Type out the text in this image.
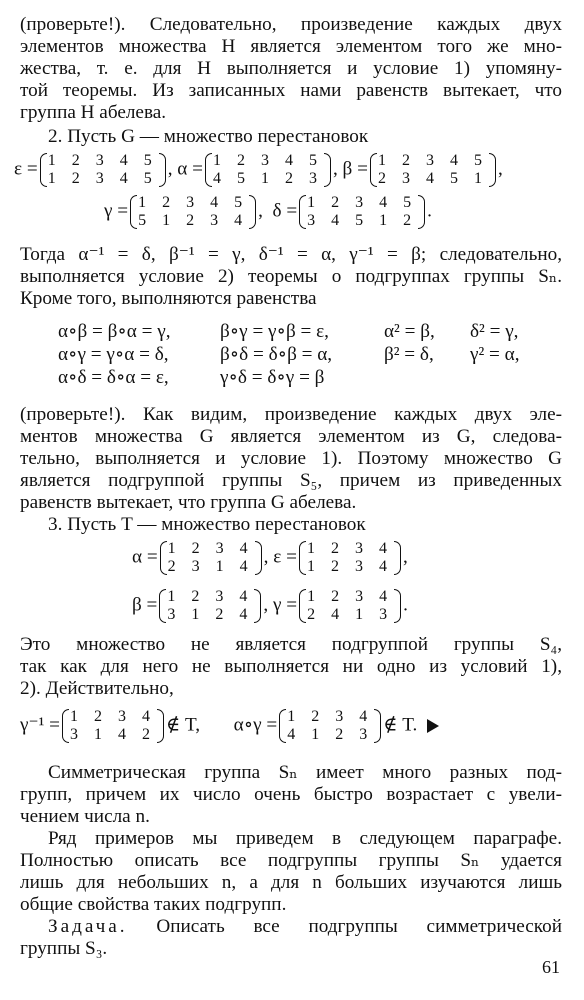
(проверьте!). Следовательно, произведение каждых двух
элементов множества H является элементом того же мно-
жества, т. е. для H выполняется и условие 1) упомяну-
той теоремы. Из записанных нами равенств вытекает, что
группа H абелева.
2. Пусть G — множество перестановок
ε = 1 2 3 4 5
1 2 3 4 5 , α = 1 2 3 4 5
4 5 1 2 3 , β = 1 2 3 4 5
2 3 4 5 1 ,
γ = 1 2 3 4 5
5 1 2 3 4 ,  δ = 1 2 3 4 5
3 4 5 1 2 .
Тогда α⁻¹ = δ, β⁻¹ = γ, δ⁻¹ = α, γ⁻¹ = β; следовательно,
выполняется условие 2) теоремы о подгруппах группы Sₙ.
Кроме того, выполняются равенства
α∘β = β∘α = γ,	β∘γ = γ∘β = ε,	α² = β, δ² = γ,
α∘γ = γ∘α = δ,	β∘δ = δ∘β = α,	β² = δ, γ² = α,
α∘δ = δ∘α = ε,	γ∘δ = δ∘γ = β
(проверьте!). Как видим, произведение каждых двух эле-
ментов множества G является элементом из G, следова-
тельно, выполняется и условие 1). Поэтому множество G
является подгруппой группы S₅, причем из приведенных
равенств вытекает, что группа G абелева.
3. Пусть T — множество перестановок
α = 1 2 3 4
2 3 1 4 , ε = 1 2 3 4
1 2 3 4 ,
β = 1 2 3 4
3 1 2 4 , γ = 1 2 3 4
2 4 1 3 .
Это множество не является подгруппой группы S₄,
так как для него не выполняется ни одно из условий 1),
2). Действительно,
γ⁻¹ = 1 2 3 4
3 1 4 2 ∉ T, α∘γ = 1 2 3 4
4 1 2 3 ∉ T.
Симметрическая группа Sₙ имеет много разных под-
групп, причем их число очень быстро возрастает с увели-
чением числа n.
Ряд примеров мы приведем в следующем параграфе.
Полностью описать все подгруппы группы Sₙ удается
лишь для небольших n, а для n больших изучаются лишь
общие свойства таких подгрупп.
Задача. Описать все подгруппы симметрической
группы S₃.
61
